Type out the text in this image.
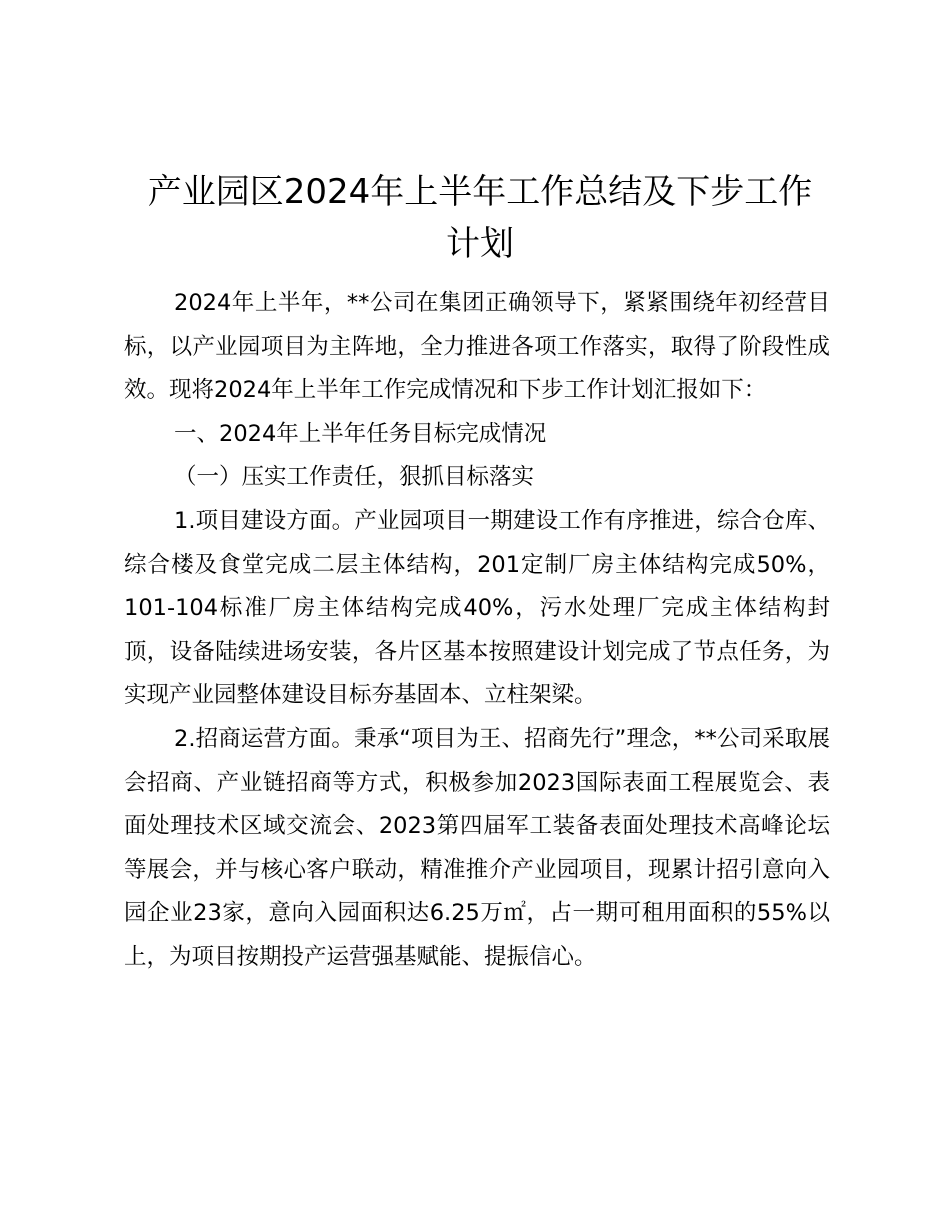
产业园区2024年上半年工作总结及下步工作
计划

2024年上半年，**公司在集团正确领导下，紧紧围绕年初经营目标，以产业园项目为主阵地，全力推进各项工作落实，取得了阶段性成效。现将2024年上半年工作完成情况和下步工作计划汇报如下：

一、2024年上半年任务目标完成情况

（一）压实工作责任，狠抓目标落实

1.项目建设方面。产业园项目一期建设工作有序推进，综合仓库、综合楼及食堂完成二层主体结构，201定制厂房主体结构完成50%，101-104标准厂房主体结构完成40%，污水处理厂完成主体结构封顶，设备陆续进场安装，各片区基本按照建设计划完成了节点任务，为实现产业园整体建设目标夯基固本、立柱架梁。

2.招商运营方面。秉承“项目为王、招商先行”理念，**公司采取展会招商、产业链招商等方式，积极参加2023国际表面工程展览会、表面处理技术区域交流会、2023第四届军工装备表面处理技术高峰论坛等展会，并与核心客户联动，精准推介产业园项目，现累计招引意向入园企业23家，意向入园面积达6.25万㎡，占一期可租用面积的55%以上，为项目按期投产运营强基赋能、提振信心。
